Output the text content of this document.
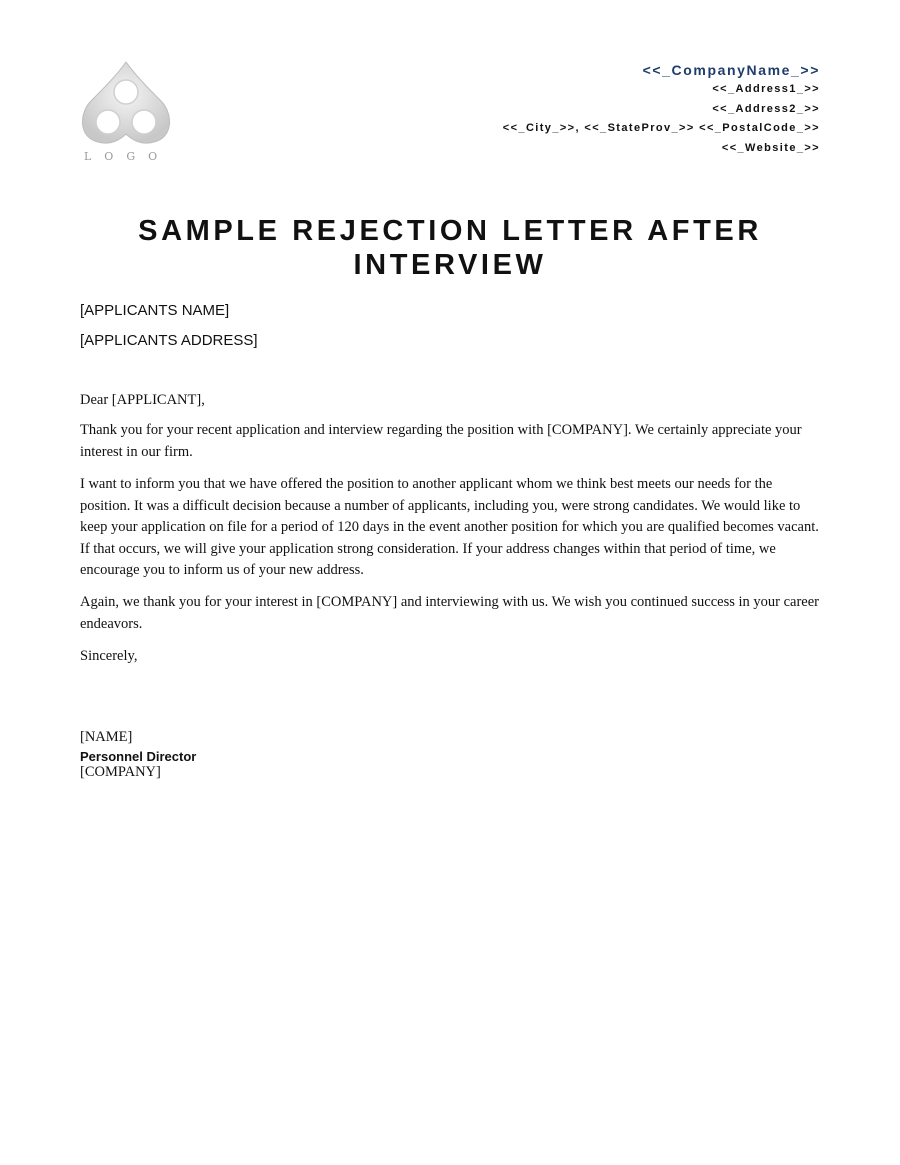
LOGO
<<_CompanyName_>>
<<_Address1_>>
<<_Address2_>>
<<_City_>>, <<_StateProv_>> <<_PostalCode_>>
<<_Website_>>
SAMPLE REJECTION LETTER AFTER INTERVIEW
[APPLICANTS NAME]
[APPLICANTS ADDRESS]

Dear [APPLICANT],

Thank you for your recent application and interview regarding the position with [COMPANY]. We certainly appreciate your interest in our firm.

I want to inform you that we have offered the position to another applicant whom we think best meets our needs for the position. It was a difficult decision because a number of applicants, including you, were strong candidates. We would like to keep your application on file for a period of 120 days in the event another position for which you are qualified becomes vacant. If that occurs, we will give your application strong consideration. If your address changes within that period of time, we encourage you to inform us of your new address.

Again, we thank you for your interest in [COMPANY] and interviewing with us. We wish you continued success in your career endeavors.

Sincerely,

[NAME]
Personnel Director
[COMPANY]
